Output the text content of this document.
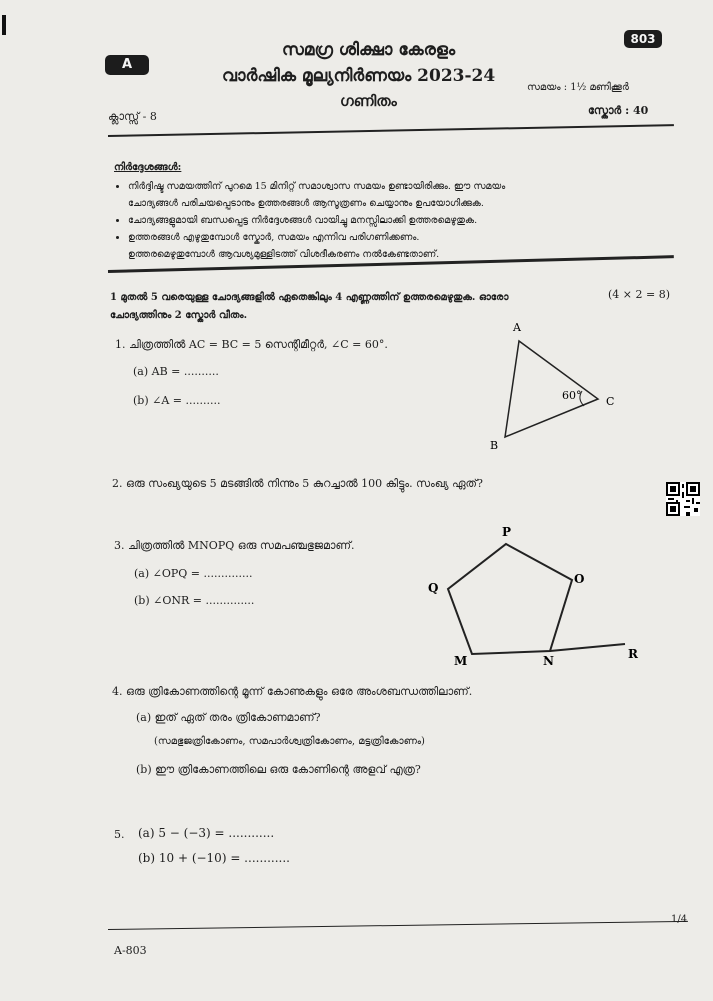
A
803
സമഗ്ര ശിക്ഷാ കേരളം
വാർഷിക മൂല്യനിർണയം 2023-24
ഗണിതം
ക്ലാസ്സ് - 8
സമയം : 1½ മണിക്കൂർ
സ്കോർ : 40
നിർദ്ദേശങ്ങൾ:
• നിർദ്ദിഷ്ട സമയത്തിന് പുറമെ 15 മിനിറ്റ് സമാശ്വാസ സമയം ഉണ്ടായിരിക്കും. ഈ സമയം
ചോദ്യങ്ങൾ പരിചയപ്പെടാനും ഉത്തരങ്ങൾ ആസൂത്രണം ചെയ്യാനും ഉപയോഗിക്കുക.
• ചോദ്യങ്ങളുമായി ബന്ധപ്പെട്ട നിർദ്ദേശങ്ങൾ വായിച്ചു മനസ്സിലാക്കി ഉത്തരമെഴുതുക.
• ഉത്തരങ്ങൾ എഴുതുമ്പോൾ സ്കോർ, സമയം എന്നിവ പരിഗണിക്കണം.
ഉത്തരമെഴുതുമ്പോൾ ആവശ്യമുള്ളിടത്ത് വിശദീകരണം നൽകേണ്ടതാണ്.
1 മുതൽ 5 വരെയുള്ള ചോദ്യങ്ങളിൽ ഏതെങ്കിലും 4 എണ്ണത്തിന് ഉത്തരമെഴുതുക. ഓരോ
ചോദ്യത്തിനും 2 സ്കോർ വീതം.
(4 × 2 = 8)
1. ചിത്രത്തിൽ AC = BC = 5 സെന്റിമീറ്റർ, ∠C = 60°.
(a) AB = ..........
(b) ∠A = ..........
A
B
C
60°
2. ഒരു സംഖ്യയുടെ 5 മടങ്ങിൽ നിന്നും 5 കുറച്ചാൽ 100 കിട്ടും. സംഖ്യ ഏത്?
3. ചിത്രത്തിൽ MNOPQ ഒരു സമപഞ്ചഭുജമാണ്.
(a) ∠OPQ = ..............
(b) ∠ONR = ..............
P
O
Q
M	N	R
4. ഒരു ത്രികോണത്തിന്റെ മൂന്ന് കോണുകളും ഒരേ അംശബന്ധത്തിലാണ്.
(a) ഇത് ഏത് തരം ത്രികോണമാണ്?
(സമഭുജത്രികോണം, സമപാർശ്വത്രികോണം, മട്ടത്രികോണം)
(b) ഈ ത്രികോണത്തിലെ ഒരു കോണിന്റെ അളവ് എത്ര?
5. (a) 5 − (−3) = ............
(b) 10 + (−10) = ............
1/4
A-803
